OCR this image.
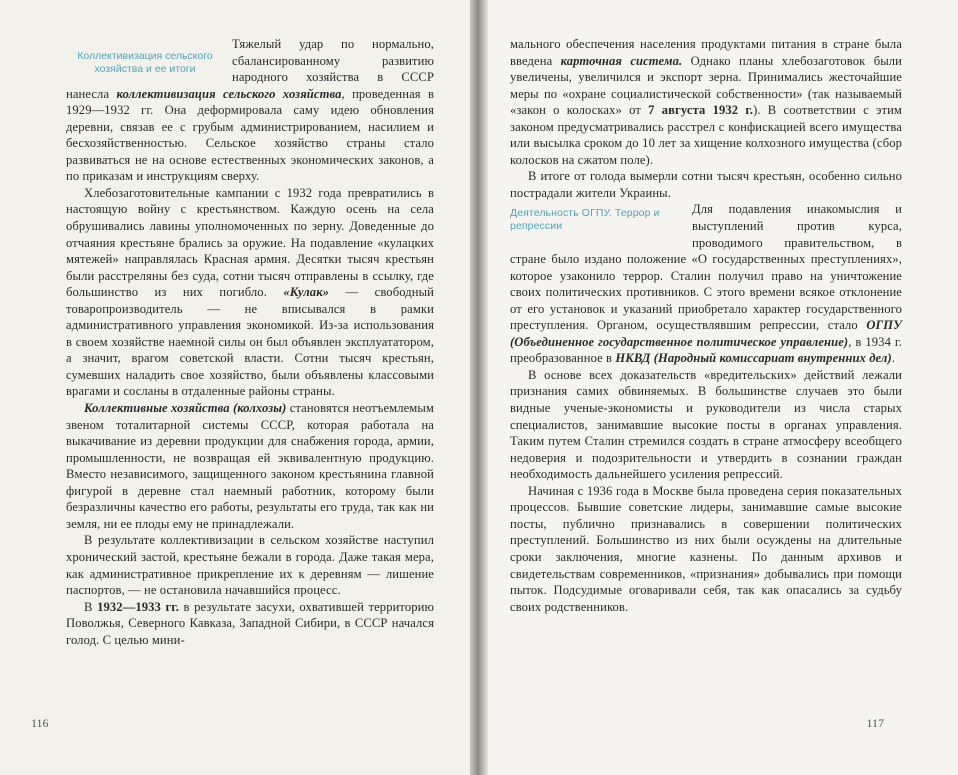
Коллективизация сельского хозяйства и ее итоги

Тяжелый удар по нормально, сбалансированному развитию народного хозяйства в СССР нанесла коллективизация сельского хозяйства, проведенная в 1929—1932 гг. Она деформировала саму идею обновления деревни, связав ее с грубым администрированием, насилием и бесхозяйственностью. Сельское хозяйство страны стало развиваться не на основе естественных экономических законов, а по приказам и инструкциям сверху.

Хлебозаготовительные кампании с 1932 года превратились в настоящую войну с крестьянством. Каждую осень на села обрушивались лавины уполномоченных по зерну. Доведенные до отчаяния крестьяне брались за оружие. На подавление «кулацких мятежей» направлялась Красная армия. Десятки тысяч крестьян были расстреляны без суда, сотни тысяч отправлены в ссылку, где большинство из них погибло. «Кулак» — свободный товаропроизводитель — не вписывался в рамки административного управления экономикой. Из-за использования в своем хозяйстве наемной силы он был объявлен эксплуататором, а значит, врагом советской власти. Сотни тысяч крестьян, сумевших наладить свое хозяйство, были объявлены классовыми врагами и сосланы в отдаленные районы страны.

Коллективные хозяйства (колхозы) становятся неотъемлемым звеном тоталитарной системы СССР, которая работала на выкачивание из деревни продукции для снабжения города, армии, промышленности, не возвращая ей эквивалентную продукцию. Вместо независимого, защищенного законом крестьянина главной фигурой в деревне стал наемный работник, которому были безразличны качество его работы, результаты его труда, так как ни земля, ни ее плоды ему не принадлежали.

В результате коллективизации в сельском хозяйстве наступил хронический застой, крестьяне бежали в города. Даже такая мера, как административное прикрепление их к деревням — лишение паспортов, — не остановила начавшийся процесс.

В 1932—1933 гг. в результате засухи, охватившей территорию Поволжья, Северного Кавказа, Западной Сибири, в СССР начался голод. С целью мини-

116

мального обеспечения населения продуктами питания в стране была введена карточная система. Однако планы хлебозаготовок были увеличены, увеличился и экспорт зерна. Принимались жесточайшие меры по «охране социалистической собственности» (так называемый «закон о колосках» от 7 августа 1932 г.). В соответствии с этим законом предусматривались расстрел с конфискацией всего имущества или высылка сроком до 10 лет за хищение колхозного имущества (сбор колосков на сжатом поле).

В итоге от голода вымерли сотни тысяч крестьян, особенно сильно пострадали жители Украины.

Деятельность ОГПУ. Террор и репрессии

Для подавления инакомыслия и выступлений против курса, проводимого правительством, в стране было издано положение «О государственных преступлениях», которое узаконило террор. Сталин получил право на уничтожение своих политических противников. С этого времени всякое отклонение от его установок и указаний приобретало характер государственного преступления. Органом, осуществлявшим репрессии, стало ОГПУ (Объединенное государственное политическое управление), в 1934 г. преобразованное в НКВД (Народный комиссариат внутренних дел).

В основе всех доказательств «вредительских» действий лежали признания самих обвиняемых. В большинстве случаев это были видные ученые-экономисты и руководители из числа старых специалистов, занимавшие высокие посты в органах управления. Таким путем Сталин стремился создать в стране атмосферу всеобщего недоверия и подозрительности и утвердить в сознании граждан необходимость дальнейшего усиления репрессий.

Начиная с 1936 года в Москве была проведена серия показательных процессов. Бывшие советские лидеры, занимавшие самые высокие посты, публично признавались в совершении политических преступлений. Большинство из них были осуждены на длительные сроки заключения, многие казнены. По данным архивов и свидетельствам современников, «признания» добывались при помощи пыток. Подсудимые оговаривали себя, так как опасались за судьбу своих родственников.

117
